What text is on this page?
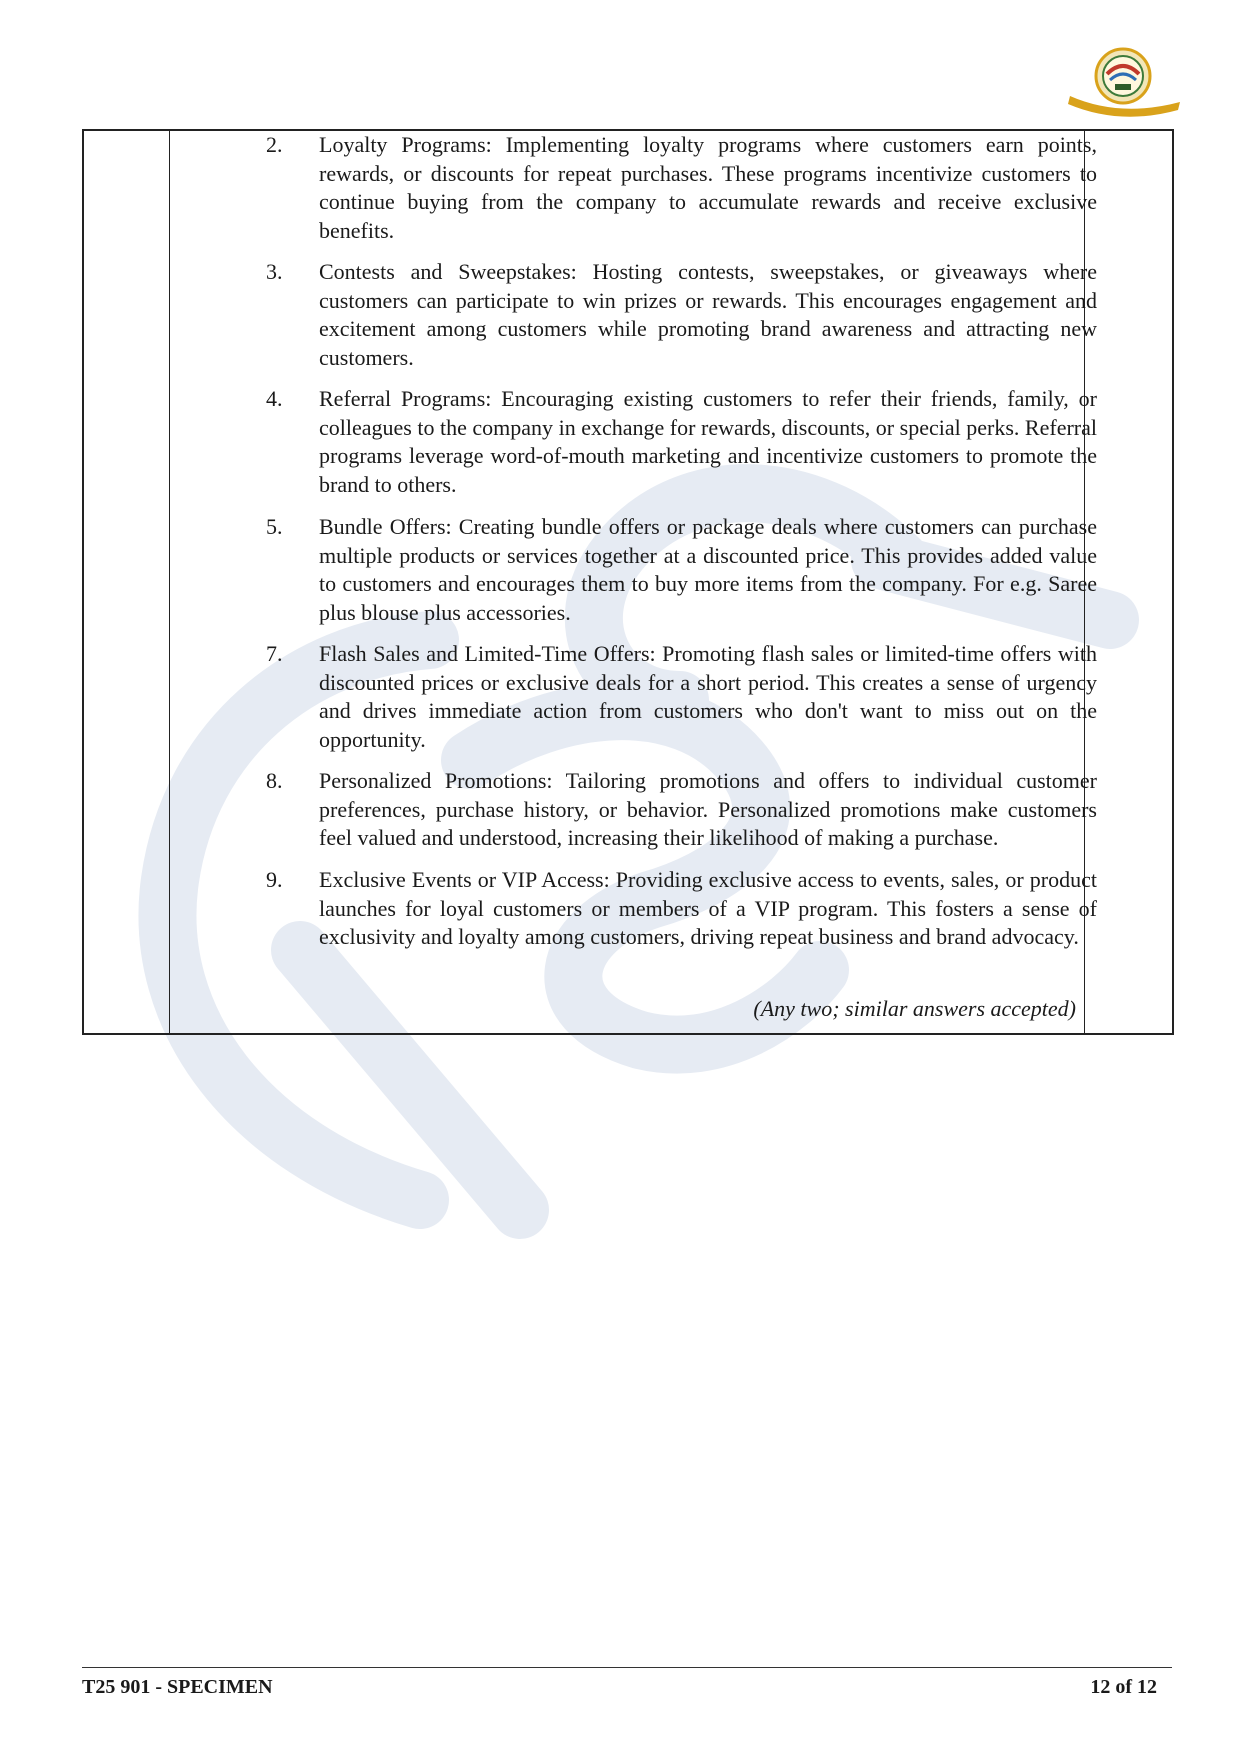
2. Loyalty Programs: Implementing loyalty programs where customers earn points, rewards, or discounts for repeat purchases. These programs incentivize customers to continue buying from the company to accumulate rewards and receive exclusive benefits.
3. Contests and Sweepstakes: Hosting contests, sweepstakes, or giveaways where customers can participate to win prizes or rewards. This encourages engagement and excitement among customers while promoting brand awareness and attracting new customers.
4. Referral Programs: Encouraging existing customers to refer their friends, family, or colleagues to the company in exchange for rewards, discounts, or special perks. Referral programs leverage word-of-mouth marketing and incentivize customers to promote the brand to others.
5. Bundle Offers: Creating bundle offers or package deals where customers can purchase multiple products or services together at a discounted price. This provides added value to customers and encourages them to buy more items from the company. For e.g. Saree plus blouse plus accessories.
7. Flash Sales and Limited-Time Offers: Promoting flash sales or limited-time offers with discounted prices or exclusive deals for a short period. This creates a sense of urgency and drives immediate action from customers who don't want to miss out on the opportunity.
8. Personalized Promotions: Tailoring promotions and offers to individual customer preferences, purchase history, or behavior. Personalized promotions make customers feel valued and understood, increasing their likelihood of making a purchase.
9. Exclusive Events or VIP Access: Providing exclusive access to events, sales, or product launches for loyal customers or members of a VIP program. This fosters a sense of exclusivity and loyalty among customers, driving repeat business and brand advocacy.
(Any two; similar answers accepted)
T25 901 - SPECIMEN	12 of 12
